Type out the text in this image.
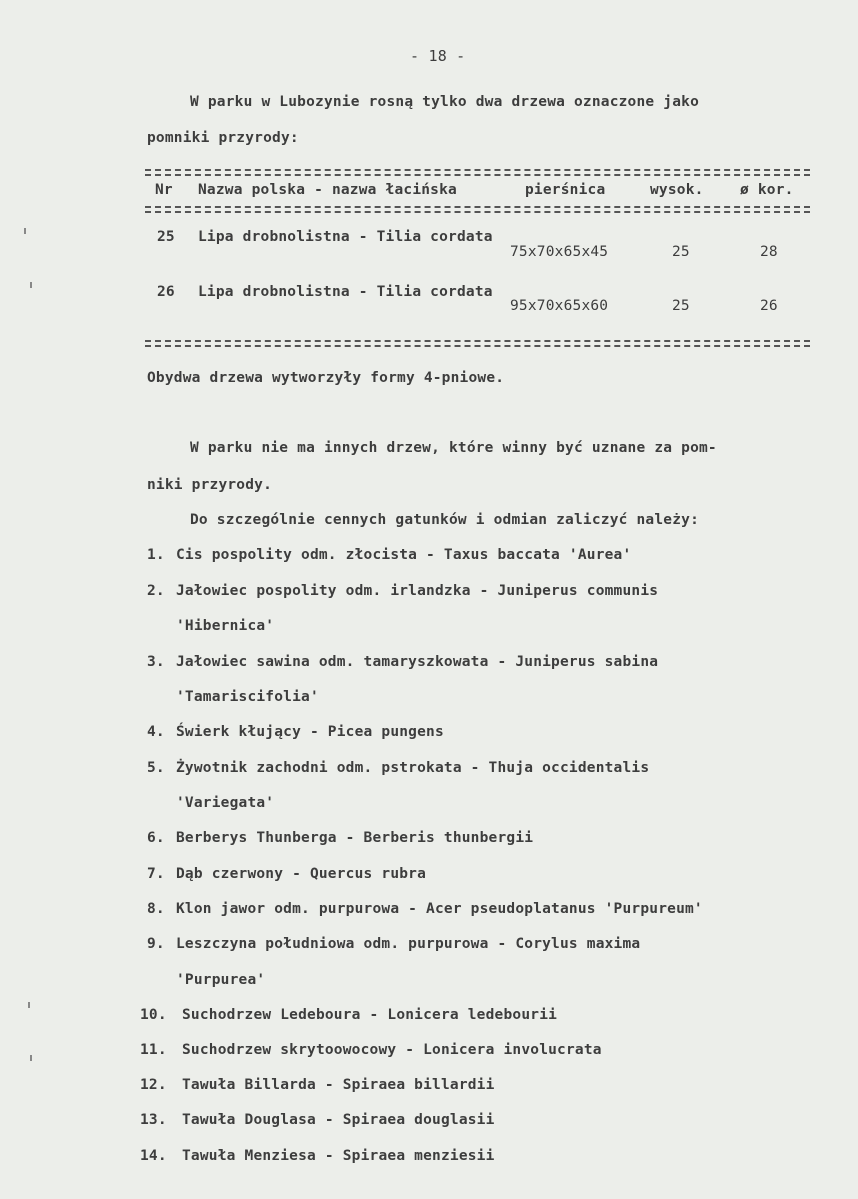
- 18 -
W parku w Lubozynie rosną tylko dwa drzewa oznaczone jako
pomniki przyrody:
Nr Nazwa polska - nazwa łacińska	pierśnica	wysok.	ø kor.
25 Lipa drobnolistna - Tilia cordata
75x70x65x45	25	28
26 Lipa drobnolistna - Tilia cordata
95x70x65x60	25	26
Obydwa drzewa wytworzyły formy 4-pniowe.
W parku nie ma innych drzew, które winny być uznane za pom-
niki przyrody.
Do szczególnie cennych gatunków i odmian zaliczyć należy:
1. Cis pospolity odm. złocista - Taxus baccata 'Aurea'
2. Jałowiec pospolity odm. irlandzka - Juniperus communis
'Hibernica'
3. Jałowiec sawina odm. tamaryszkowata - Juniperus sabina
'Tamariscifolia'
4. Świerk kłujący - Picea pungens
5. Żywotnik zachodni odm. pstrokata - Thuja occidentalis
'Variegata'
6. Berberys Thunberga - Berberis thunbergii
7. Dąb czerwony - Quercus rubra
8. Klon jawor odm. purpurowa - Acer pseudoplatanus 'Purpureum'
9. Leszczyna południowa odm. purpurowa - Corylus maxima
'Purpurea'
10. Suchodrzew Ledeboura - Lonicera ledebourii
11. Suchodrzew skrytoowocowy - Lonicera involucrata
12. Tawuła Billarda - Spiraea billardii
13. Tawuła Douglasa - Spiraea douglasii
14. Tawuła Menziesa - Spiraea menziesii
